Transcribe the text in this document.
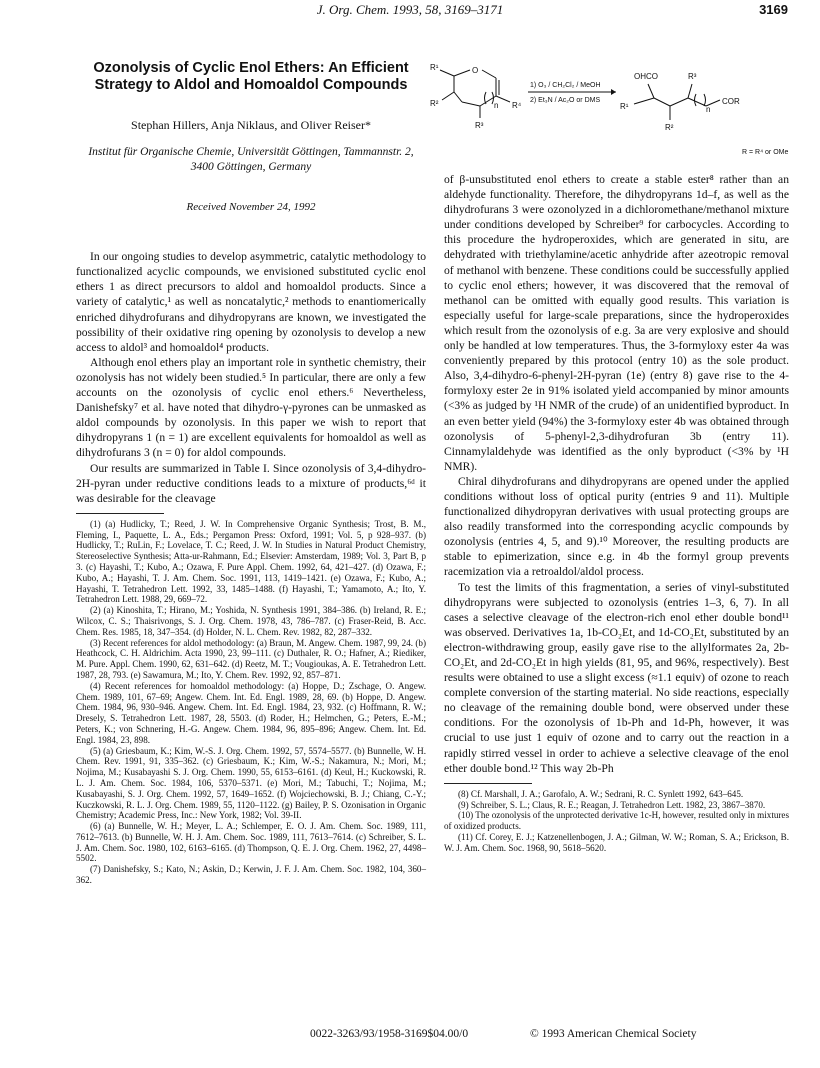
J. Org. Chem. 1993, 58, 3169–3171	3169
Ozonolysis of Cyclic Enol Ethers: An Efficient Strategy to Aldol and Homoaldol Compounds
Stephan Hillers, Anja Niklaus, and Oliver Reiser*
Institut für Organische Chemie, Universität Göttingen, Tammannstr. 2, 3400 Göttingen, Germany
Received November 24, 1992

In our ongoing studies to develop asymmetric, catalytic methodology to functionalized acyclic compounds, we envisioned substituted cyclic enol ethers 1 as direct precursors to aldol and homoaldol products. Since a variety of catalytic,¹ as well as noncatalytic,² methods to enantiomerically enriched dihydrofurans and dihydropyrans are known, we investigated the possibility of their oxidative ring opening by ozonolysis to develop a new access to aldol³ and homoaldol⁴ products.

Although enol ethers play an important role in synthetic chemistry, their ozonolysis has not widely been studied.⁵ In particular, there are only a few accounts on the ozonolysis of cyclic enol ethers.⁶ Nevertheless, Danishefsky⁷ et al. have noted that dihydro-γ-pyrones can be unmasked as aldol compounds by ozonolysis. In this paper we wish to report that dihydropyrans 1 (n = 1) are excellent equivalents for homoaldol as well as dihydrofurans 3 (n = 0) for aldol compounds.

Our results are summarized in Table I. Since ozonolysis of 3,4-dihydro-2H-pyran under reductive conditions leads to a mixture of products,⁶ᵈ it was desirable for the cleavage

(1) (a) Hudlicky, T.; Reed, J. W. In Comprehensive Organic Synthesis; Trost, B. M., Fleming, I., Paquette, L. A., Eds.; Pergamon Press: Oxford, 1991; Vol. 5, p 928–937. (b) Hudlicky, T.; RuLin, F.; Lovelace, T. C.; Reed, J. W. In Studies in Natural Product Chemistry, Stereoselective Synthesis; Atta-ur-Rahmann, Ed.; Elsevier: Amsterdam, 1989; Vol. 3, Part B, p 3. (c) Hayashi, T.; Kubo, A.; Ozawa, F. Pure Appl. Chem. 1992, 64, 421–427. (d) Ozawa, F.; Kubo, A.; Hayashi, T. J. Am. Chem. Soc. 1991, 113, 1419–1421. (e) Ozawa, F.; Kubo, A.; Hayashi, T. Tetrahedron Lett. 1992, 33, 1485–1488. (f) Hayashi, T.; Yamamoto, A.; Ito, Y. Tetrahedron Lett. 1988, 29, 669–72.

(2) (a) Kinoshita, T.; Hirano, M.; Yoshida, N. Synthesis 1991, 384–386. (b) Ireland, R. E.; Wilcox, C. S.; Thaisrivongs, S. J. Org. Chem. 1978, 43, 786–787. (c) Fraser-Reid, B. Acc. Chem. Res. 1985, 18, 347–354. (d) Holder, N. L. Chem. Rev. 1982, 82, 287–332.

(3) Recent references for aldol methodology: (a) Braun, M. Angew. Chem. 1987, 99, 24. (b) Heathcock, C. H. Aldrichim. Acta 1990, 23, 99–111. (c) Duthaler, R. O.; Hafner, A.; Riediker, M. Pure. Appl. Chem. 1990, 62, 631–642. (d) Reetz, M. T.; Vougioukas, A. E. Tetrahedron Lett. 1987, 28, 793. (e) Sawamura, M.; Ito, Y. Chem. Rev. 1992, 92, 857–871.

(4) Recent references for homoaldol methodology: (a) Hoppe, D.; Zschage, O. Angew. Chem. 1989, 101, 67–69; Angew. Chem. Int. Ed. Engl. 1989, 28, 69. (b) Hoppe, D. Angew. Chem. 1984, 96, 930–946. Angew. Chem. Int. Ed. Engl. 1984, 23, 932. (c) Hoffmann, R. W.; Dresely, S. Tetrahedron Lett. 1987, 28, 5503. (d) Roder, H.; Helmchen, G.; Peters, E.-M.; Peters, K.; von Schnering, H.-G. Angew. Chem. 1984, 96, 895–896; Angew. Chem. Int. Ed. Engl. 1984, 23, 898.

(5) (a) Griesbaum, K.; Kim, W.-S. J. Org. Chem. 1992, 57, 5574–5577. (b) Bunnelle, W. H. Chem. Rev. 1991, 91, 335–362. (c) Griesbaum, K.; Kim, W.-S.; Nakamura, N.; Mori, M.; Nojima, M.; Kusabayashi S. J. Org. Chem. 1990, 55, 6153–6161. (d) Keul, H.; Kuckowski, R. L. J. Am. Chem. Soc. 1984, 106, 5370–5371. (e) Mori, M.; Tabuchi, T.; Nojima, M.; Kusabayashi, S. J. Org. Chem. 1992, 57, 1649–1652. (f) Wojciechowski, B. J.; Chiang, C.-Y.; Kuczkowski, R. L. J. Org. Chem. 1989, 55, 1120–1122. (g) Bailey, P. S. Ozonisation in Organic Chemistry; Academic Press, Inc.: New York, 1982; Vol. 39-II.

(6) (a) Bunnelle, W. H.; Meyer, L. A.; Schlemper, E. O. J. Am. Chem. Soc. 1989, 111, 7612–7613. (b) Bunnelle, W. H. J. Am. Chem. Soc. 1989, 111, 7613–7614. (c) Schreiber, S. L. J. Am. Chem. Soc. 1980, 102, 6163–6165. (d) Thompson, Q. E. J. Org. Chem. 1962, 27, 4498–5502.

(7) Danishefsky, S.; Kato, N.; Askin, D.; Kerwin, J. F. J. Am. Chem. Soc. 1982, 104, 360–362.

O
R¹
R²	R⁴
R³
n
1) O₃ / CH₂Cl₂ / MeOH
2) Et₃N / Ac₂O or DMS
OHCO	R³
R¹
COR
R²
n
R = R⁴ or OMe

of β-unsubstituted enol ethers to create a stable ester⁸ rather than an aldehyde functionality. Therefore, the dihydropyrans 1d–f, as well as the dihydrofurans 3 were ozonolyzed in a dichloromethane/methanol mixture under conditions developed by Schreiber⁹ for carbocycles. According to this procedure the hydroperoxides, which are generated in situ, are dehydrated with triethylamine/acetic anhydride after azeotropic removal of methanol with benzene. These conditions could be successfully applied to cyclic enol ethers; however, it was discovered that the removal of methanol can be omitted with equally good results. This variation is especially useful for large-scale preparations, since the hydroperoxides which result from the ozonolysis of e.g. 3a are very explosive and should only be handled at low temperatures. Thus, the 3-formyloxy ester 4a was conveniently prepared by this protocol (entry 10) as the sole product. Also, 3,4-dihydro-6-phenyl-2H-pyran (1e) (entry 8) gave rise to the 4-formyloxy ester 2e in 91% isolated yield accompanied by minor amounts (<3% as judged by ¹H NMR of the crude) of an unidentified byproduct. In an even better yield (94%) the 3-formyloxy ester 4b was obtained through ozonolysis of 5-phenyl-2,3-dihydrofuran 3b (entry 11). Cinnamylaldehyde was identified as the only byproduct (<3% by ¹H NMR).

Chiral dihydrofurans and dihydropyrans are opened under the applied conditions without loss of optical purity (entries 9 and 11). Multiple functionalized dihydropyran derivatives with usual protecting groups are also readily transformed into the corresponding acyclic compounds by ozonolysis (entries 4, 5, and 9).¹⁰ Moreover, the resulting products are stable to epimerization, since e.g. in 4b the formyl group prevents racemization via a retroaldol/aldol process.

To test the limits of this fragmentation, a series of vinyl-substituted dihydropyrans were subjected to ozonolysis (entries 1–3, 6, 7). In all cases a selective cleavage of the electron-rich enol ether double bond¹¹ was observed. Derivatives 1a, 1b-CO₂Et, and 1d-CO₂Et, substituted by an electron-withdrawing group, easily gave rise to the allylformates 2a, 2b-CO₂Et, and 2d-CO₂Et in high yields (81, 95, and 96%, respectively). Best results were obtained to use a slight excess (≈1.1 equiv) of ozone to reach complete conversion of the starting material. No side reactions, especially no cleavage of the remaining double bond, were observed under these conditions. For the ozonolysis of 1b-Ph and 1d-Ph, however, it was crucial to use just 1 equiv of ozone and to carry out the reaction in a rapidly stirred vessel in order to achieve a selective cleavage of the enol ether double bond.¹² This way 2b-Ph

(8) Cf. Marshall, J. A.; Garofalo, A. W.; Sedrani, R. C. Synlett 1992, 643–645.

(9) Schreiber, S. L.; Claus, R. E.; Reagan, J. Tetrahedron Lett. 1982, 23, 3867–3870.

(10) The ozonolysis of the unprotected derivative 1c-H, however, resulted only in mixtures of oxidized products.

(11) Cf. Corey, E. J.; Katzenellenbogen, J. A.; Gilman, W. W.; Roman, S. A.; Erickson, B. W. J. Am. Chem. Soc. 1968, 90, 5618–5620.

0022-3263/93/1958-3169$04.00/0	© 1993 American Chemical Society
